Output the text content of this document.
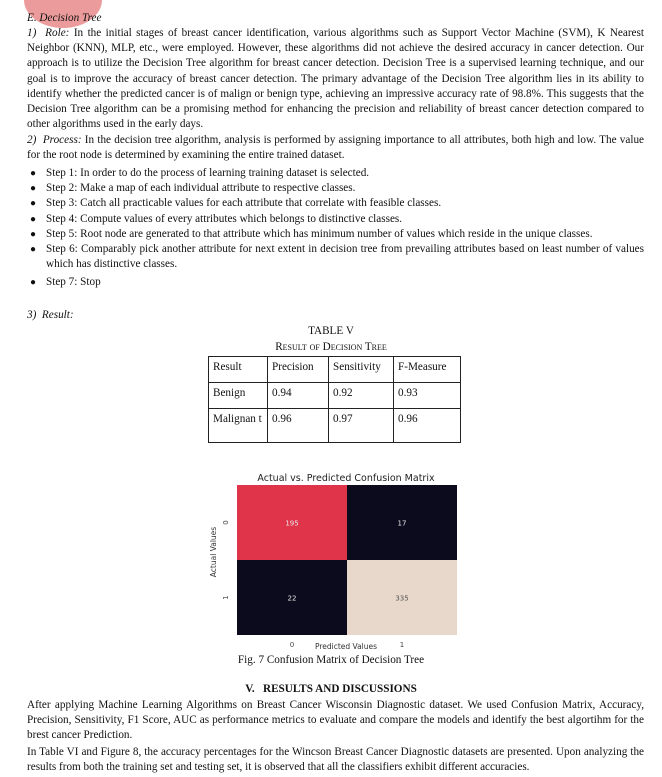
E. Decision Tree
1) Role: In the initial stages of breast cancer identification, various algorithms such as Support Vector Machine (SVM), K Nearest Neighbor (KNN), MLP, etc., were employed. However, these algorithms did not achieve the desired accuracy in cancer detection. Our approach is to utilize the Decision Tree algorithm for breast cancer detection. Decision Tree is a supervised learning technique, and our goal is to improve the accuracy of breast cancer detection. The primary advantage of the Decision Tree algorithm lies in its ability to identify whether the predicted cancer is of malign or benign type, achieving an impressive accuracy rate of 98.8%. This suggests that the Decision Tree algorithm can be a promising method for enhancing the precision and reliability of breast cancer detection compared to other algorithms used in the early days.
2) Process: In the decision tree algorithm, analysis is performed by assigning importance to all attributes, both high and low. The value for the root node is determined by examining the entire trained dataset.
● Step 1: In order to do the process of learning training dataset is selected.
● Step 2: Make a map of each individual attribute to respective classes.
● Step 3: Catch all practicable values for each attribute that correlate with feasible classes.
● Step 4: Compute values of every attributes which belongs to distinctive classes.
● Step 5: Root node are generated to that attribute which has minimum number of values which reside in the unique classes.
● Step 6: Comparably pick another attribute for next extent in decision tree from prevailing attributes based on least number of values which has distinctive classes.
● Step 7: Stop
3) Result:
TABLE V
Result of Decision Tree
Result	Precision	Sensitivity	F-Measure
Benign	0.94	0.92	0.93
Malignan t	0.96	0.97	0.96
Actual vs. Predicted Confusion Matrix
195	17
22	335
Actual Values
Predicted Values
0	1
0
1
Fig. 7 Confusion Matrix of Decision Tree
V. RESULTS AND DISCUSSIONS
After applying Machine Learning Algorithms on Breast Cancer Wisconsin Diagnostic dataset. We used Confusion Matrix, Accuracy, Precision, Sensitivity, F1 Score, AUC as performance metrics to evaluate and compare the models and identify the best algortihm for the brest cancer Prediction.
In Table VI and Figure 8, the accuracy percentages for the Wincson Breast Cancer Diagnostic datasets are presented. Upon analyzing the results from both the training set and testing set, it is observed that all the classifiers exhibit different accuracies.
